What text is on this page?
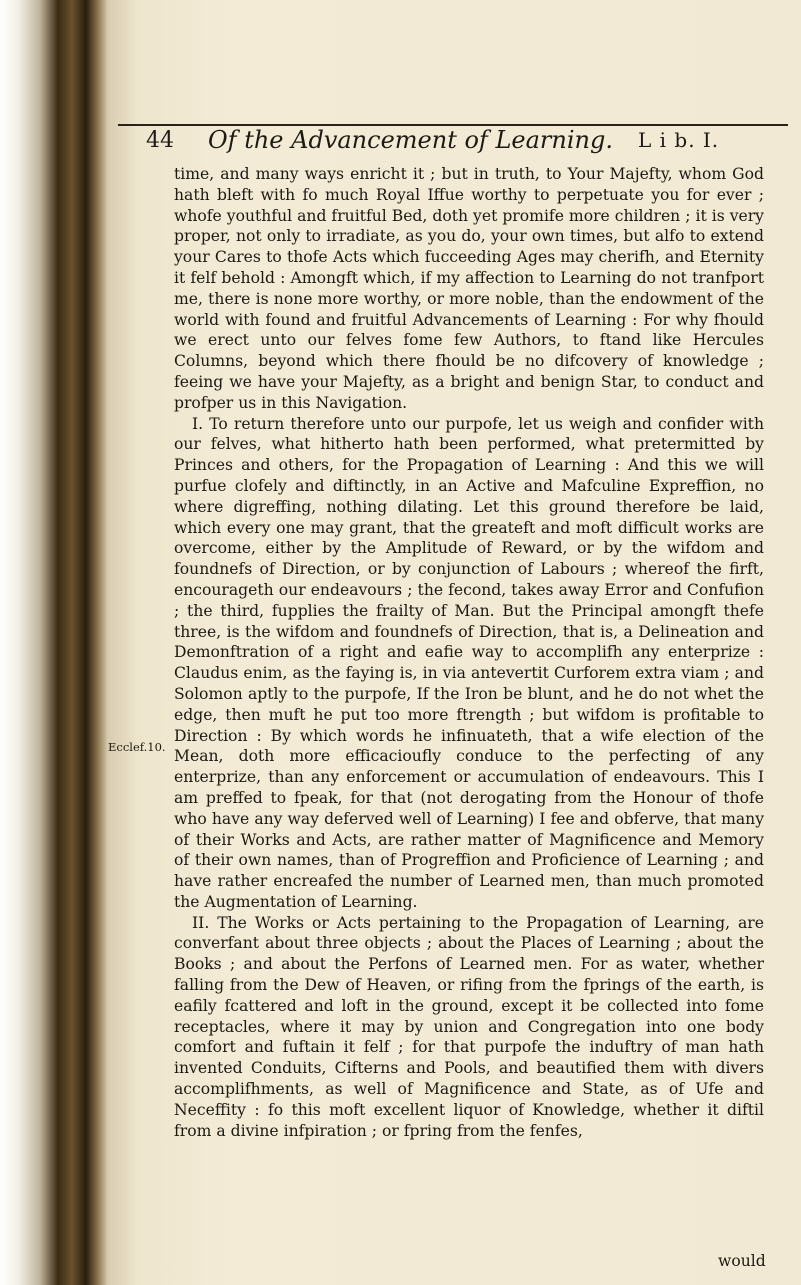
44 Of the Advancement of Learning. L i b. I.
Ecclef.10.

time, and many ways enricht it ; but in truth, to Your Majefty, whom God hath bleft with fo much Royal Iffue worthy to perpetuate you for ever ; whofe youthful and fruitful Bed, doth yet promife more children ; it is very proper, not only to irradiate, as you do, your own times, but alfo to extend your Cares to thofe Acts which fucceeding Ages may cherifh, and Eternity it felf behold : Amongft which, if my affection to Learning do not tranfport me, there is none more worthy, or more noble, than the endowment of the world with found and fruitful Advancements of Learning : For why fhould we erect unto our felves fome few Authors, to ftand like Hercules Columns, beyond which there fhould be no difcovery of knowledge ; feeing we have your Majefty, as a bright and benign Star, to conduct and profper us in this Navigation.

I. To return therefore unto our purpofe, let us weigh and confider with our felves, what hitherto hath been performed, what pretermitted by Princes and others, for the Propagation of Learning : And this we will purfue clofely and diftinctly, in an Active and Mafculine Expreffion, no where digreffing, nothing dilating. Let this ground therefore be laid, which every one may grant, that the greateft and moft difficult works are overcome, either by the Amplitude of Reward, or by the wifdom and foundnefs of Direction, or by conjunction of Labours ; whereof the firft, encourageth our endeavours ; the fecond, takes away Error and Confufion ; the third, fupplies the frailty of Man. But the Principal amongft thefe three, is the wifdom and foundnefs of Direction, that is, a Delineation and Demonftration of a right and eafie way to accomplifh any enterprize : Claudus enim, as the faying is, in via antevertit Curforem extra viam ; and Solomon aptly to the purpofe, If the Iron be blunt, and he do not whet the edge, then muft he put too more ftrength ; but wifdom is profitable to Direction : By which words he infinuateth, that a wife election of the Mean, doth more efficacioufly conduce to the perfecting of any enterprize, than any enforcement or accumulation of endeavours. This I am preffed to fpeak, for that (not derogating from the Honour of thofe who have any way deferved well of Learning) I fee and obferve, that many of their Works and Acts, are rather matter of Magnificence and Memory of their own names, than of Progreffion and Proficience of Learning ; and have rather encreafed the number of Learned men, than much promoted the Augmentation of Learning.

II. The Works or Acts pertaining to the Propagation of Learning, are converfant about three objects ; about the Places of Learning ; about the Books ; and about the Perfons of Learned men. For as water, whether falling from the Dew of Heaven, or rifing from the fprings of the earth, is eafily fcattered and loft in the ground, except it be collected into fome receptacles, where it may by union and Congregation into one body comfort and fuftain it felf ; for that purpofe the induftry of man hath invented Conduits, Cifterns and Pools, and beautified them with divers accomplifhments, as well of Magnificence and State, as of Ufe and Neceffity : fo this moft excellent liquor of Knowledge, whether it diftil from a divine infpiration ; or fpring from the fenfes,

would
